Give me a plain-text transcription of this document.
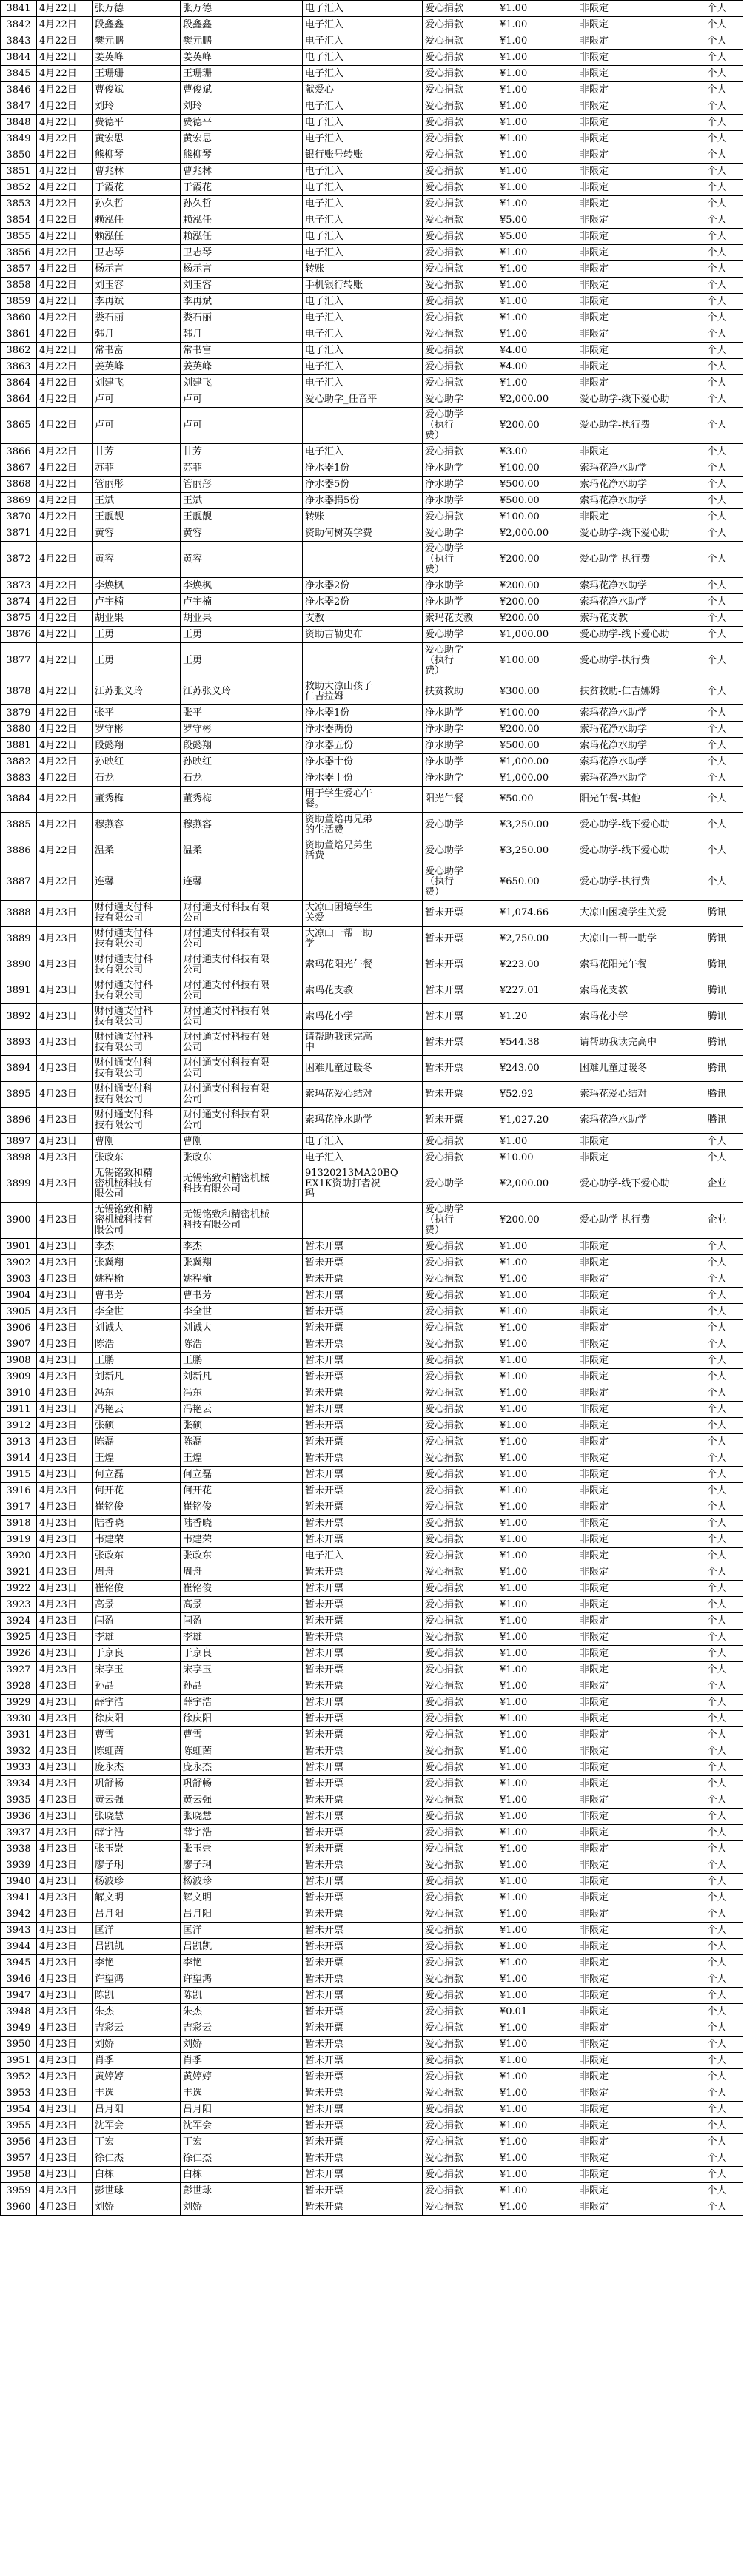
3841	4月22日	张万德	张万德	电子汇入	爱心捐款	¥1.00	非限定	个人
3842	4月22日	段鑫鑫	段鑫鑫	电子汇入	爱心捐款	¥1.00	非限定	个人
3843	4月22日	樊元鹏	樊元鹏	电子汇入	爱心捐款	¥1.00	非限定	个人
3844	4月22日	姜英峰	姜英峰	电子汇入	爱心捐款	¥1.00	非限定	个人
3845	4月22日	王珊珊	王珊珊	电子汇入	爱心捐款	¥1.00	非限定	个人
3846	4月22日	曹俊斌	曹俊斌	献爱心	爱心捐款	¥1.00	非限定	个人
3847	4月22日	刘玲	刘玲	电子汇入	爱心捐款	¥1.00	非限定	个人
3848	4月22日	费德平	费德平	电子汇入	爱心捐款	¥1.00	非限定	个人
3849	4月22日	黄宏思	黄宏思	电子汇入	爱心捐款	¥1.00	非限定	个人
3850	4月22日	熊柳琴	熊柳琴	银行账号转账	爱心捐款	¥1.00	非限定	个人
3851	4月22日	曹兆林	曹兆林	电子汇入	爱心捐款	¥1.00	非限定	个人
3852	4月22日	于霞花	于霞花	电子汇入	爱心捐款	¥1.00	非限定	个人
3853	4月22日	孙久哲	孙久哲	电子汇入	爱心捐款	¥1.00	非限定	个人
3854	4月22日	赖泓任	赖泓任	电子汇入	爱心捐款	¥5.00	非限定	个人
3855	4月22日	赖泓任	赖泓任	电子汇入	爱心捐款	¥5.00	非限定	个人
3856	4月22日	卫志琴	卫志琴	电子汇入	爱心捐款	¥1.00	非限定	个人
3857	4月22日	杨示言	杨示言	转账	爱心捐款	¥1.00	非限定	个人
3858	4月22日	刘玉容	刘玉容	手机银行转账	爱心捐款	¥1.00	非限定	个人
3859	4月22日	李再斌	李再斌	电子汇入	爱心捐款	¥1.00	非限定	个人
3860	4月22日	娄石丽	娄石丽	电子汇入	爱心捐款	¥1.00	非限定	个人
3861	4月22日	韩月	韩月	电子汇入	爱心捐款	¥1.00	非限定	个人
3862	4月22日	常书富	常书富	电子汇入	爱心捐款	¥4.00	非限定	个人
3863	4月22日	姜英峰	姜英峰	电子汇入	爱心捐款	¥4.00	非限定	个人
3864	4月22日	刘建飞	刘建飞	电子汇入	爱心捐款	¥1.00	非限定	个人
3864	4月22日	卢可	卢可	爱心助学_任音平	爱心助学	¥2,000.00	爱心助学-线下爱心助	个人
3865	4月22日	卢可	卢可		爱心助学
（执行
费）	¥200.00	爱心助学-执行费	个人
3866	4月22日	甘芳	甘芳	电子汇入	爱心捐款	¥3.00	非限定	个人
3867	4月22日	苏菲	苏菲	净水器1份	净水助学	¥100.00	索玛花净水助学	个人
3868	4月22日	管丽彤	管丽彤	净水器5份	净水助学	¥500.00	索玛花净水助学	个人
3869	4月22日	王斌	王斌	净水器捐5份	净水助学	¥500.00	索玛花净水助学	个人
3870	4月22日	王靓靓	王靓靓	转账	爱心捐款	¥100.00	非限定	个人
3871	4月22日	黄容	黄容	资助何树英学费	爱心助学	¥2,000.00	爱心助学-线下爱心助	个人
3872	4月22日	黄容	黄容		爱心助学
（执行
费）	¥200.00	爱心助学-执行费	个人
3873	4月22日	李焕枫	李焕枫	净水器2份	净水助学	¥200.00	索玛花净水助学	个人
3874	4月22日	卢宇楠	卢宇楠	净水器2份	净水助学	¥200.00	索玛花净水助学	个人
3875	4月22日	胡业果	胡业果	支教	索玛花支教	¥200.00	索玛花支教	个人
3876	4月22日	王勇	王勇	资助吉勒史布	爱心助学	¥1,000.00	爱心助学-线下爱心助	个人
3877	4月22日	王勇	王勇		爱心助学
（执行
费）	¥100.00	爱心助学-执行费	个人
3878	4月22日	江苏张义玲	江苏张义玲	救助大凉山孩子
仁吉拉姆	扶贫救助	¥300.00	扶贫救助-仁吉娜姆	个人
3879	4月22日	张平	张平	净水器1份	净水助学	¥100.00	索玛花净水助学	个人
3880	4月22日	罗守彬	罗守彬	净水器两份	净水助学	¥200.00	索玛花净水助学	个人
3881	4月22日	段懿翔	段懿翔	净水器五份	净水助学	¥500.00	索玛花净水助学	个人
3882	4月22日	孙映红	孙映红	净水器十份	净水助学	¥1,000.00	索玛花净水助学	个人
3883	4月22日	石龙	石龙	净水器十份	净水助学	¥1,000.00	索玛花净水助学	个人
3884	4月22日	董秀梅	董秀梅	用于学生爱心午
餐。	阳光午餐	¥50.00	阳光午餐-其他	个人
3885	4月22日	穆燕容	穆燕容	资助董焙再兄弟
的生活费	爱心助学	¥3,250.00	爱心助学-线下爱心助	个人
3886	4月22日	温柔	温柔	资助董焙兄弟生
活费	爱心助学	¥3,250.00	爱心助学-线下爱心助	个人
3887	4月22日	连馨	连馨		爱心助学
（执行
费）	¥650.00	爱心助学-执行费	个人
3888	4月23日	财付通支付科
技有限公司	财付通支付科技有限
公司	大凉山困境学生
关爱	暂未开票	¥1,074.66	大凉山困境学生关爱	腾讯
3889	4月23日	财付通支付科
技有限公司	财付通支付科技有限
公司	大凉山一帮一助
学	暂未开票	¥2,750.00	大凉山一帮一助学	腾讯
3890	4月23日	财付通支付科
技有限公司	财付通支付科技有限
公司	索玛花阳光午餐	暂未开票	¥223.00	索玛花阳光午餐	腾讯
3891	4月23日	财付通支付科
技有限公司	财付通支付科技有限
公司	索玛花支教	暂未开票	¥227.01	索玛花支教	腾讯
3892	4月23日	财付通支付科
技有限公司	财付通支付科技有限
公司	索玛花小学	暂未开票	¥1.20	索玛花小学	腾讯
3893	4月23日	财付通支付科
技有限公司	财付通支付科技有限
公司	请帮助我读完高
中	暂未开票	¥544.38	请帮助我读完高中	腾讯
3894	4月23日	财付通支付科
技有限公司	财付通支付科技有限
公司	困难儿童过暖冬	暂未开票	¥243.00	困难儿童过暖冬	腾讯
3895	4月23日	财付通支付科
技有限公司	财付通支付科技有限
公司	索玛花爱心结对	暂未开票	¥52.92	索玛花爱心结对	腾讯
3896	4月23日	财付通支付科
技有限公司	财付通支付科技有限
公司	索玛花净水助学	暂未开票	¥1,027.20	索玛花净水助学	腾讯
3897	4月23日	曹刚	曹刚	电子汇入	爱心捐款	¥1.00	非限定	个人
3898	4月23日	张政东	张政东	电子汇入	爱心捐款	¥10.00	非限定	个人
3899	4月23日	无锡铭致和精
密机械科技有
限公司	无锡铭致和精密机械
科技有限公司	91320213MA20BQ
EX1K资助打者祝
玛	爱心助学	¥2,000.00	爱心助学-线下爱心助	企业
3900	4月23日	无锡铭致和精
密机械科技有
限公司	无锡铭致和精密机械
科技有限公司		爱心助学
（执行
费）	¥200.00	爱心助学-执行费	企业
3901	4月23日	李杰	李杰	暂未开票	爱心捐款	¥1.00	非限定	个人
3902	4月23日	张冀翔	张冀翔	暂未开票	爱心捐款	¥1.00	非限定	个人
3903	4月23日	姚程榆	姚程榆	暂未开票	爱心捐款	¥1.00	非限定	个人
3904	4月23日	曹书芳	曹书芳	暂未开票	爱心捐款	¥1.00	非限定	个人
3905	4月23日	李全世	李全世	暂未开票	爱心捐款	¥1.00	非限定	个人
3906	4月23日	刘诚大	刘诚大	暂未开票	爱心捐款	¥1.00	非限定	个人
3907	4月23日	陈浩	陈浩	暂未开票	爱心捐款	¥1.00	非限定	个人
3908	4月23日	王鹏	王鹏	暂未开票	爱心捐款	¥1.00	非限定	个人
3909	4月23日	刘新凡	刘新凡	暂未开票	爱心捐款	¥1.00	非限定	个人
3910	4月23日	冯东	冯东	暂未开票	爱心捐款	¥1.00	非限定	个人
3911	4月23日	冯艳云	冯艳云	暂未开票	爱心捐款	¥1.00	非限定	个人
3912	4月23日	张硕	张硕	暂未开票	爱心捐款	¥1.00	非限定	个人
3913	4月23日	陈磊	陈磊	暂未开票	爱心捐款	¥1.00	非限定	个人
3914	4月23日	王煌	王煌	暂未开票	爱心捐款	¥1.00	非限定	个人
3915	4月23日	何立磊	何立磊	暂未开票	爱心捐款	¥1.00	非限定	个人
3916	4月23日	何开花	何开花	暂未开票	爱心捐款	¥1.00	非限定	个人
3917	4月23日	崔铭俊	崔铭俊	暂未开票	爱心捐款	¥1.00	非限定	个人
3918	4月23日	陆香晓	陆香晓	暂未开票	爱心捐款	¥1.00	非限定	个人
3919	4月23日	韦建荣	韦建荣	暂未开票	爱心捐款	¥1.00	非限定	个人
3920	4月23日	张政东	张政东	电子汇入	爱心捐款	¥1.00	非限定	个人
3921	4月23日	周舟	周舟	暂未开票	爱心捐款	¥1.00	非限定	个人
3922	4月23日	崔铭俊	崔铭俊	暂未开票	爱心捐款	¥1.00	非限定	个人
3923	4月23日	高景	高景	暂未开票	爱心捐款	¥1.00	非限定	个人
3924	4月23日	闫盈	闫盈	暂未开票	爱心捐款	¥1.00	非限定	个人
3925	4月23日	李雄	李雄	暂未开票	爱心捐款	¥1.00	非限定	个人
3926	4月23日	于京良	于京良	暂未开票	爱心捐款	¥1.00	非限定	个人
3927	4月23日	宋享玉	宋享玉	暂未开票	爱心捐款	¥1.00	非限定	个人
3928	4月23日	孙晶	孙晶	暂未开票	爱心捐款	¥1.00	非限定	个人
3929	4月23日	薛宇浩	薛宇浩	暂未开票	爱心捐款	¥1.00	非限定	个人
3930	4月23日	徐庆阳	徐庆阳	暂未开票	爱心捐款	¥1.00	非限定	个人
3931	4月23日	曹雪	曹雪	暂未开票	爱心捐款	¥1.00	非限定	个人
3932	4月23日	陈虹茜	陈虹茜	暂未开票	爱心捐款	¥1.00	非限定	个人
3933	4月23日	庞永杰	庞永杰	暂未开票	爱心捐款	¥1.00	非限定	个人
3934	4月23日	巩舒畅	巩舒畅	暂未开票	爱心捐款	¥1.00	非限定	个人
3935	4月23日	黄云强	黄云强	暂未开票	爱心捐款	¥1.00	非限定	个人
3936	4月23日	张晓慧	张晓慧	暂未开票	爱心捐款	¥1.00	非限定	个人
3937	4月23日	薛宇浩	薛宇浩	暂未开票	爱心捐款	¥1.00	非限定	个人
3938	4月23日	张玉崇	张玉崇	暂未开票	爱心捐款	¥1.00	非限定	个人
3939	4月23日	廖子琍	廖子琍	暂未开票	爱心捐款	¥1.00	非限定	个人
3940	4月23日	杨波珍	杨波珍	暂未开票	爱心捐款	¥1.00	非限定	个人
3941	4月23日	解文明	解文明	暂未开票	爱心捐款	¥1.00	非限定	个人
3942	4月23日	吕月阳	吕月阳	暂未开票	爱心捐款	¥1.00	非限定	个人
3943	4月23日	匡洋	匡洋	暂未开票	爱心捐款	¥1.00	非限定	个人
3944	4月23日	吕凯凯	吕凯凯	暂未开票	爱心捐款	¥1.00	非限定	个人
3945	4月23日	李艳	李艳	暂未开票	爱心捐款	¥1.00	非限定	个人
3946	4月23日	许望鸿	许望鸿	暂未开票	爱心捐款	¥1.00	非限定	个人
3947	4月23日	陈凯	陈凯	暂未开票	爱心捐款	¥1.00	非限定	个人
3948	4月23日	朱杰	朱杰	暂未开票	爱心捐款	¥0.01	非限定	个人
3949	4月23日	吉彩云	吉彩云	暂未开票	爱心捐款	¥1.00	非限定	个人
3950	4月23日	刘娇	刘娇	暂未开票	爱心捐款	¥1.00	非限定	个人
3951	4月23日	肖季	肖季	暂未开票	爱心捐款	¥1.00	非限定	个人
3952	4月23日	黄婷婷	黄婷婷	暂未开票	爱心捐款	¥1.00	非限定	个人
3953	4月23日	丰选	丰选	暂未开票	爱心捐款	¥1.00	非限定	个人
3954	4月23日	吕月阳	吕月阳	暂未开票	爱心捐款	¥1.00	非限定	个人
3955	4月23日	沈军会	沈军会	暂未开票	爱心捐款	¥1.00	非限定	个人
3956	4月23日	丁宏	丁宏	暂未开票	爱心捐款	¥1.00	非限定	个人
3957	4月23日	徐仁杰	徐仁杰	暂未开票	爱心捐款	¥1.00	非限定	个人
3958	4月23日	白栋	白栋	暂未开票	爱心捐款	¥1.00	非限定	个人
3959	4月23日	彭世球	彭世球	暂未开票	爱心捐款	¥1.00	非限定	个人
3960	4月23日	刘娇	刘娇	暂未开票	爱心捐款	¥1.00	非限定	个人
